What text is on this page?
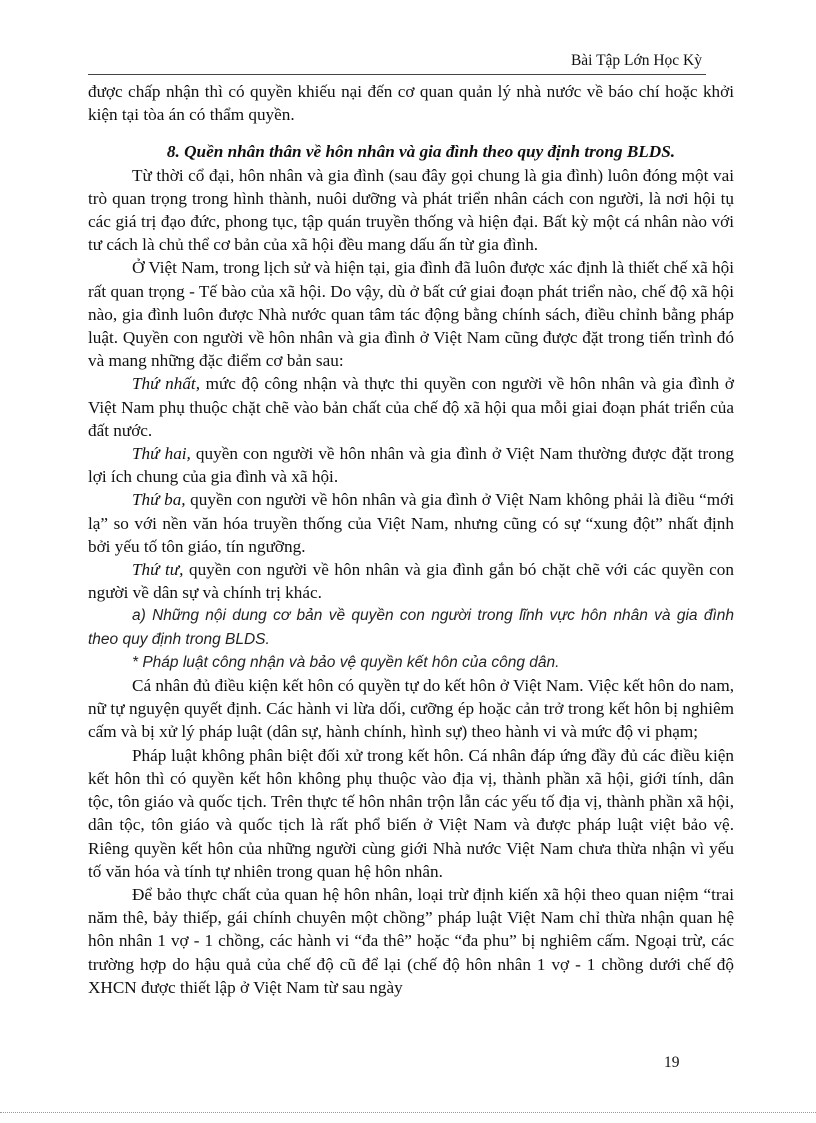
Bài Tập Lớn Học Kỳ

được chấp nhận thì có quyền khiếu nại đến cơ quan quản lý nhà nước về báo chí hoặc khởi kiện tại tòa án có thẩm quyền.

8. Quền nhân thân về hôn nhân và gia đình theo quy định trong BLDS.

Từ thời cổ đại, hôn nhân và gia đình (sau đây gọi chung là gia đình) luôn đóng một vai trò quan trọng trong hình thành, nuôi dưỡng và phát triển nhân cách con người, là nơi hội tụ các giá trị đạo đức, phong tục, tập quán truyền thống và hiện đại. Bất kỳ một cá nhân nào với tư cách là chủ thể cơ bản của xã hội đều mang dấu ấn từ gia đình.

Ở Việt Nam, trong lịch sử và hiện tại, gia đình đã luôn được xác định là thiết chế xã hội rất quan trọng - Tế bào của xã hội. Do vậy, dù ở bất cứ giai đoạn phát triển nào, chế độ xã hội nào, gia đình luôn được Nhà nước quan tâm tác động bằng chính sách, điều chỉnh bằng pháp luật. Quyền con người về hôn nhân và gia đình ở Việt Nam cũng được đặt trong tiến trình đó và mang những đặc điểm cơ bản sau:

Thứ nhất, mức độ công nhận và thực thi quyền con người về hôn nhân và gia đình ở Việt Nam phụ thuộc chặt chẽ vào bản chất của chế độ xã hội qua mỗi giai đoạn phát triển của đất nước.

Thứ hai, quyền con người về hôn nhân và gia đình ở Việt Nam thường được đặt trong lợi ích chung của gia đình và xã hội.

Thứ ba, quyền con người về hôn nhân và gia đình ở Việt Nam không phải là điều “mới lạ” so với nền văn hóa truyền thống của Việt Nam, nhưng cũng có sự “xung đột” nhất định bởi yếu tố tôn giáo, tín ngưỡng.

Thứ tư, quyền con người về hôn nhân và gia đình gắn bó chặt chẽ với các quyền con người về dân sự và chính trị khác.

a) Những nội dung cơ bản về quyền con người trong lĩnh vực hôn nhân và gia đình theo quy định trong BLDS.

* Pháp luật công nhận và bảo vệ quyền kết hôn của công dân.

Cá nhân đủ điều kiện kết hôn có quyền tự do kết hôn ở Việt Nam. Việc kết hôn do nam, nữ tự nguyện quyết định. Các hành vi lừa dối, cưỡng ép hoặc cản trở trong kết hôn bị nghiêm cấm và bị xử lý pháp luật (dân sự, hành chính, hình sự) theo hành vi và mức độ vi phạm;

Pháp luật không phân biệt đối xử trong kết hôn. Cá nhân đáp ứng đầy đủ các điều kiện kết hôn thì có quyền kết hôn không phụ thuộc vào địa vị, thành phần xã hội, giới tính, dân tộc, tôn giáo và quốc tịch. Trên thực tế hôn nhân trộn lẫn các yếu tố địa vị, thành phần xã hội, dân tộc, tôn giáo và quốc tịch là rất phổ biến ở Việt Nam và được pháp luật việt bảo vệ. Riêng quyền kết hôn của những người cùng giới Nhà nước Việt Nam chưa thừa nhận vì yếu tố văn hóa và tính tự nhiên trong quan hệ hôn nhân.

Để bảo thực chất của quan hệ hôn nhân, loại trừ định kiến xã hội theo quan niệm “trai năm thê, bảy thiếp, gái chính chuyên một chồng” pháp luật Việt Nam chỉ thừa nhận quan hệ hôn nhân 1 vợ - 1 chồng, các hành vi “đa thê” hoặc “đa phu” bị nghiêm cấm. Ngoại trừ, các trường hợp do hậu quả của chế độ cũ để lại (chế độ hôn nhân 1 vợ - 1 chồng dưới chế độ XHCN được thiết lập ở Việt Nam từ sau ngày

19
